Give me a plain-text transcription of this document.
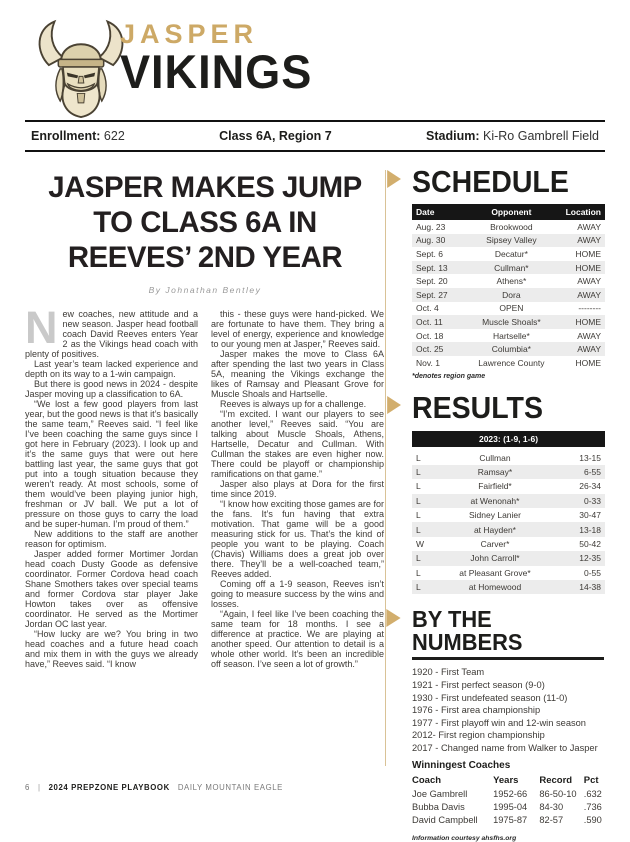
JASPER
VIKINGS
Enrollment: 622	Class 6A, Region 7	Stadium: Ki-Ro Gambrell Field
JASPER MAKES JUMP
TO CLASS 6A IN
REEVES’ 2ND YEAR
By Johnathan Bentley

New coaches, new attitude and a new season. Jasper head football coach David Reeves enters Year 2 as the Vikings head coach with plenty of positives.

Last year’s team lacked experience and depth on its way to a 1-win campaign.

But there is good news in 2024 - despite Jasper moving up a classification to 6A.

“We lost a few good players from last year, but the good news is that it’s basically the same team,” Reeves said. “I feel like I’ve been coaching the same guys since I got here in February (2023). I look up and it’s the same guys that were out here battling last year, the same guys that got put into a tough situation because they weren’t ready. At most schools, some of them would’ve been playing junior high, freshman or JV ball. We put a lot of pressure on those guys to carry the load and be super-human. I’m proud of them.”

New additions to the staff are another reason for optimism.

Jasper added former Mortimer Jordan head coach Dusty Goode as defensive coordinator. Former Cordova head coach Shane Smothers takes over special teams and former Cordova star player Jake Howton takes over as offensive coordinator. He served as the Mortimer Jordan OC last year.

“How lucky are we? You bring in two head coaches and a future head coach and mix them in with the guys we already have,” Reeves said. “I know

this - these guys were hand-picked. We are fortunate to have them. They bring a level of energy, experience and knowledge to our young men at Jasper,” Reeves said.

Jasper makes the move to Class 6A after spending the last two years in Class 5A, meaning the Vikings exchange the likes of Ramsay and Pleasant Grove for Muscle Shoals and Hartselle.

Reeves is always up for a challenge.

“I’m excited. I want our players to see another level,” Reeves said. “You are talking about Muscle Shoals, Athens, Hartselle, Decatur and Cullman. With Cullman the stakes are even higher now. There could be playoff or championship ramifications on that game.”

Jasper also plays at Dora for the first time since 2019.

“I know how exciting those games are for the fans. It’s fun having that extra motivation. That game will be a good measuring stick for us. That’s the kind of people you want to be playing. Coach (Chavis) Williams does a great job over there. They’ll be a well-coached team,” Reeves added.

Coming off a 1-9 season, Reeves isn’t going to measure success by the wins and losses.

“Again, I feel like I’ve been coaching the same team for 18 months. I see a difference at practice. We are playing at another speed. Our attention to detail is a whole other world. It’s been an incredible off season. I’ve seen a lot of growth.”

SCHEDULE
Date	Opponent	Location
Aug. 23	Brookwood	AWAY
Aug. 30	Sipsey Valley	AWAY
Sept. 6	Decatur*	HOME
Sept. 13	Cullman*	HOME
Sept. 20	Athens*	AWAY
Sept. 27	Dora	AWAY
Oct. 4	OPEN	--------
Oct. 11	Muscle Shoals*	HOME
Oct. 18	Hartselle*	AWAY
Oct. 25	Columbia*	AWAY
Nov. 1	Lawrence County	HOME
*denotes region game
RESULTS
2023: (1-9, 1-6)
L	Cullman	13-15
L	Ramsay*	6-55
L	Fairfield*	26-34
L	at Wenonah*	0-33
L	Sidney Lanier	30-47
L	at Hayden*	13-18
W	Carver*	50-42
L	John Carroll*	12-35
L	at Pleasant Grove*	0-55
L	at Homewood	14-38
BY THE NUMBERS

1920 - First Team

1921 - First perfect season (9-0)

1930 - First undefeated season (11-0)

1976 - First area championship

1977 - First playoff win and 12-win season

2012- First region championship

2017 - Changed name from Walker to Jasper

Winningest Coaches
Coach	Years	Record	Pct
Joe Gambrell	1952-66	86-50-10	.632
Bubba Davis	1995-04	84-30	.736
David Campbell	1975-87	82-57	.590
Information courtesy ahsfhs.org
6 | 2024 PREPZONE PLAYBOOK DAILY MOUNTAIN EAGLE
